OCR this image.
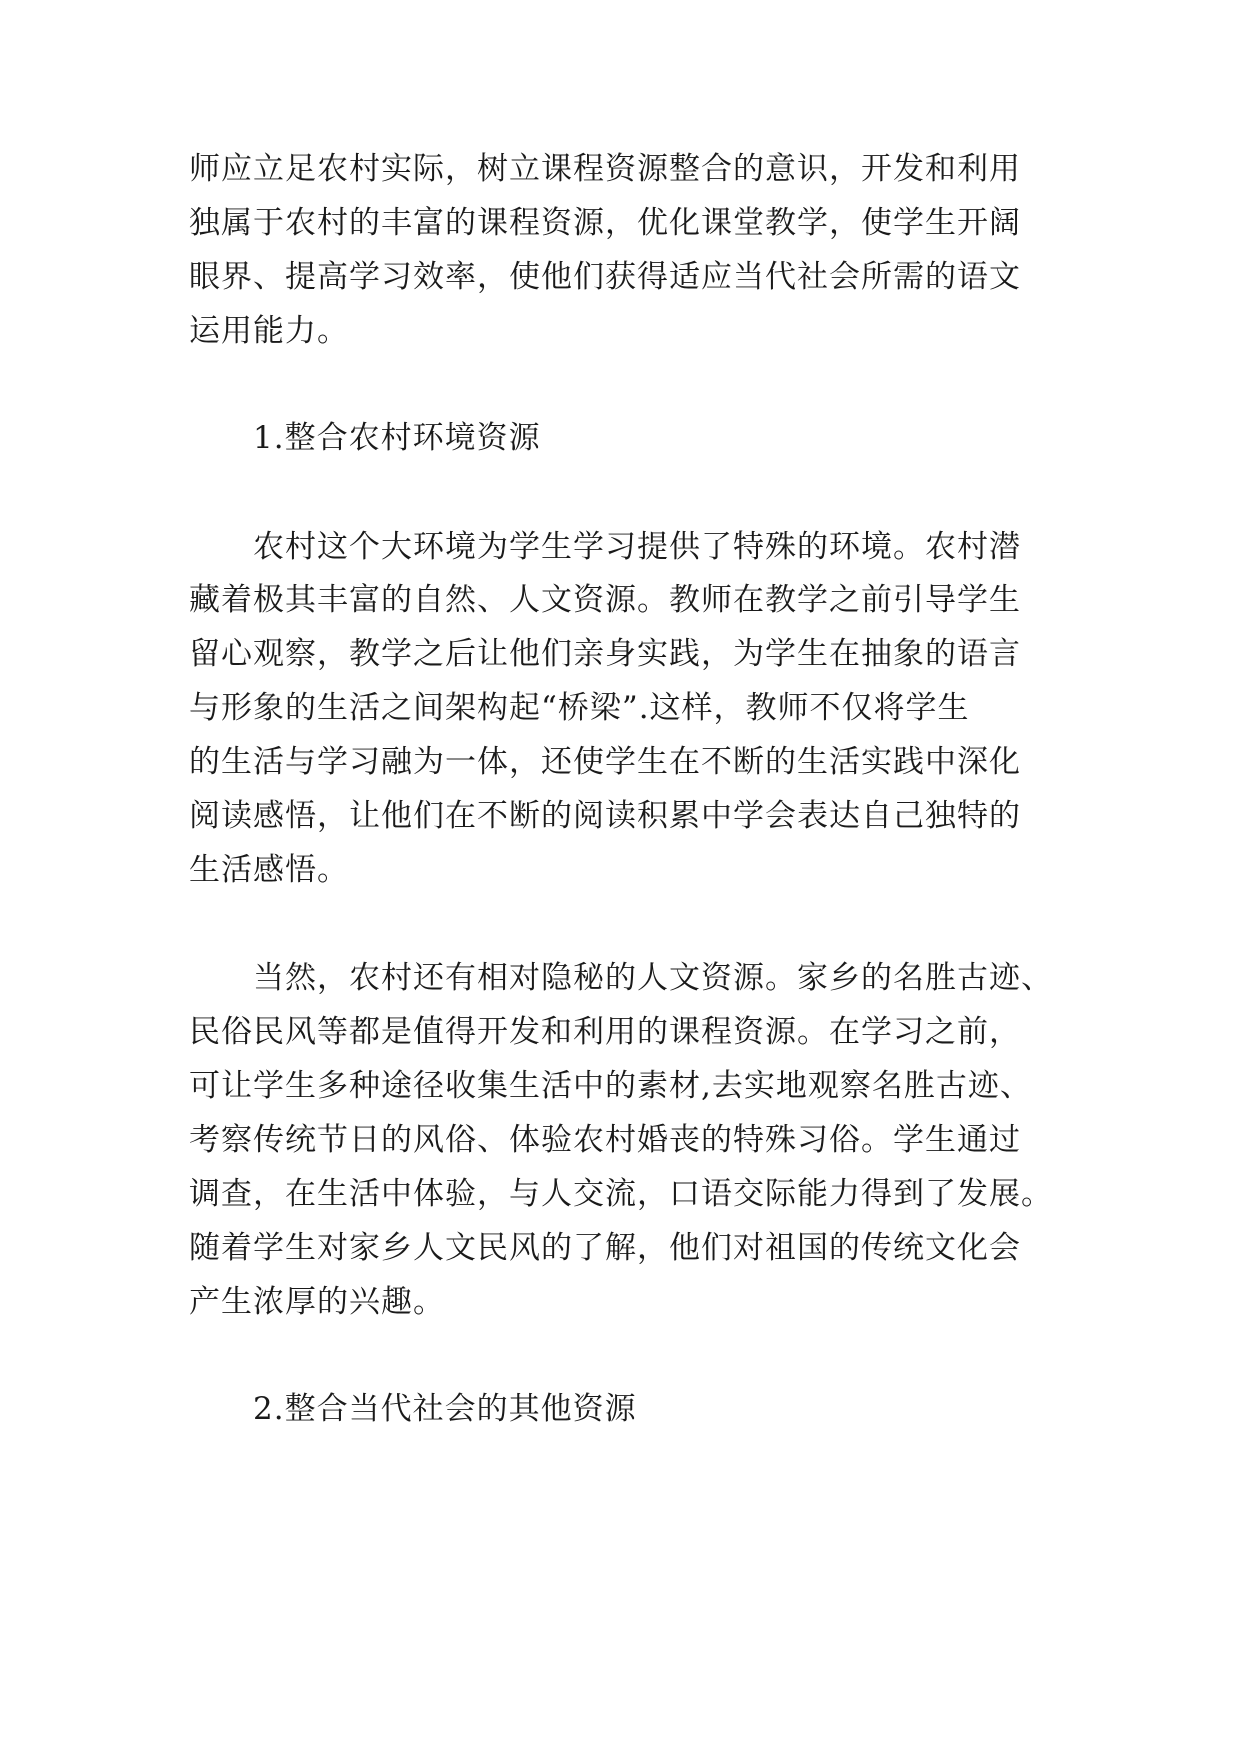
师应立足农村实际，树立课程资源整合的意识，开发和利用
独属于农村的丰富的课程资源，优化课堂教学，使学生开阔
眼界、提高学习效率，使他们获得适应当代社会所需的语文
运用能力。
1.整合农村环境资源
农村这个大环境为学生学习提供了特殊的环境。农村潜
藏着极其丰富的自然、人文资源。教师在教学之前引导学生
留心观察，教学之后让他们亲身实践，为学生在抽象的语言
与形象的生活之间架构起“桥梁”.这样，教师不仅将学生
的生活与学习融为一体，还使学生在不断的生活实践中深化
阅读感悟，让他们在不断的阅读积累中学会表达自己独特的
生活感悟。
当然，农村还有相对隐秘的人文资源。家乡的名胜古迹、
民俗民风等都是值得开发和利用的课程资源。在学习之前，
可让学生多种途径收集生活中的素材,去实地观察名胜古迹、
考察传统节日的风俗、体验农村婚丧的特殊习俗。学生通过
调查，在生活中体验，与人交流，口语交际能力得到了发展。
随着学生对家乡人文民风的了解，他们对祖国的传统文化会
产生浓厚的兴趣。
2.整合当代社会的其他资源
